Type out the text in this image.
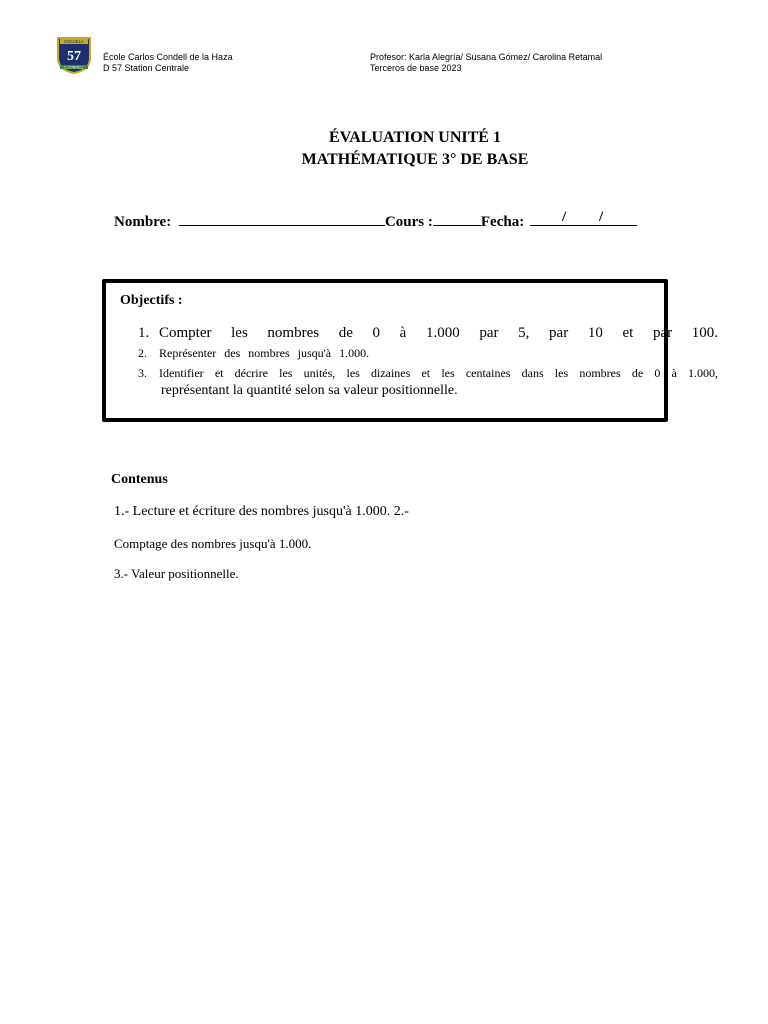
ESCUELA
57
C.CONDELL
École Carlos Condell de la Haza
D 57 Station Centrale
Profesor: Karla Alegría/ Susana Gómez/ Carolina Retamal
Terceros de base 2023
ÉVALUATION UNITÉ 1
MATHÉMATIQUE 3° DE BASE
Nombre:	Cours :	Fecha:	/ /
Objectifs :
1. Compter les nombres de 0 à 1.000 par 5, par 10 et par 100.
2. Représenter des nombres jusqu'à 1.000.
3. Identifier et décrire les unités, les dizaines et les centaines dans les nombres de 0 à 1.000,
représentant la quantité selon sa valeur positionnelle.
Contenus
1.- Lecture et écriture des nombres jusqu'à 1.000. 2.-
Comptage des nombres jusqu'à 1.000.
3.- Valeur positionnelle.
